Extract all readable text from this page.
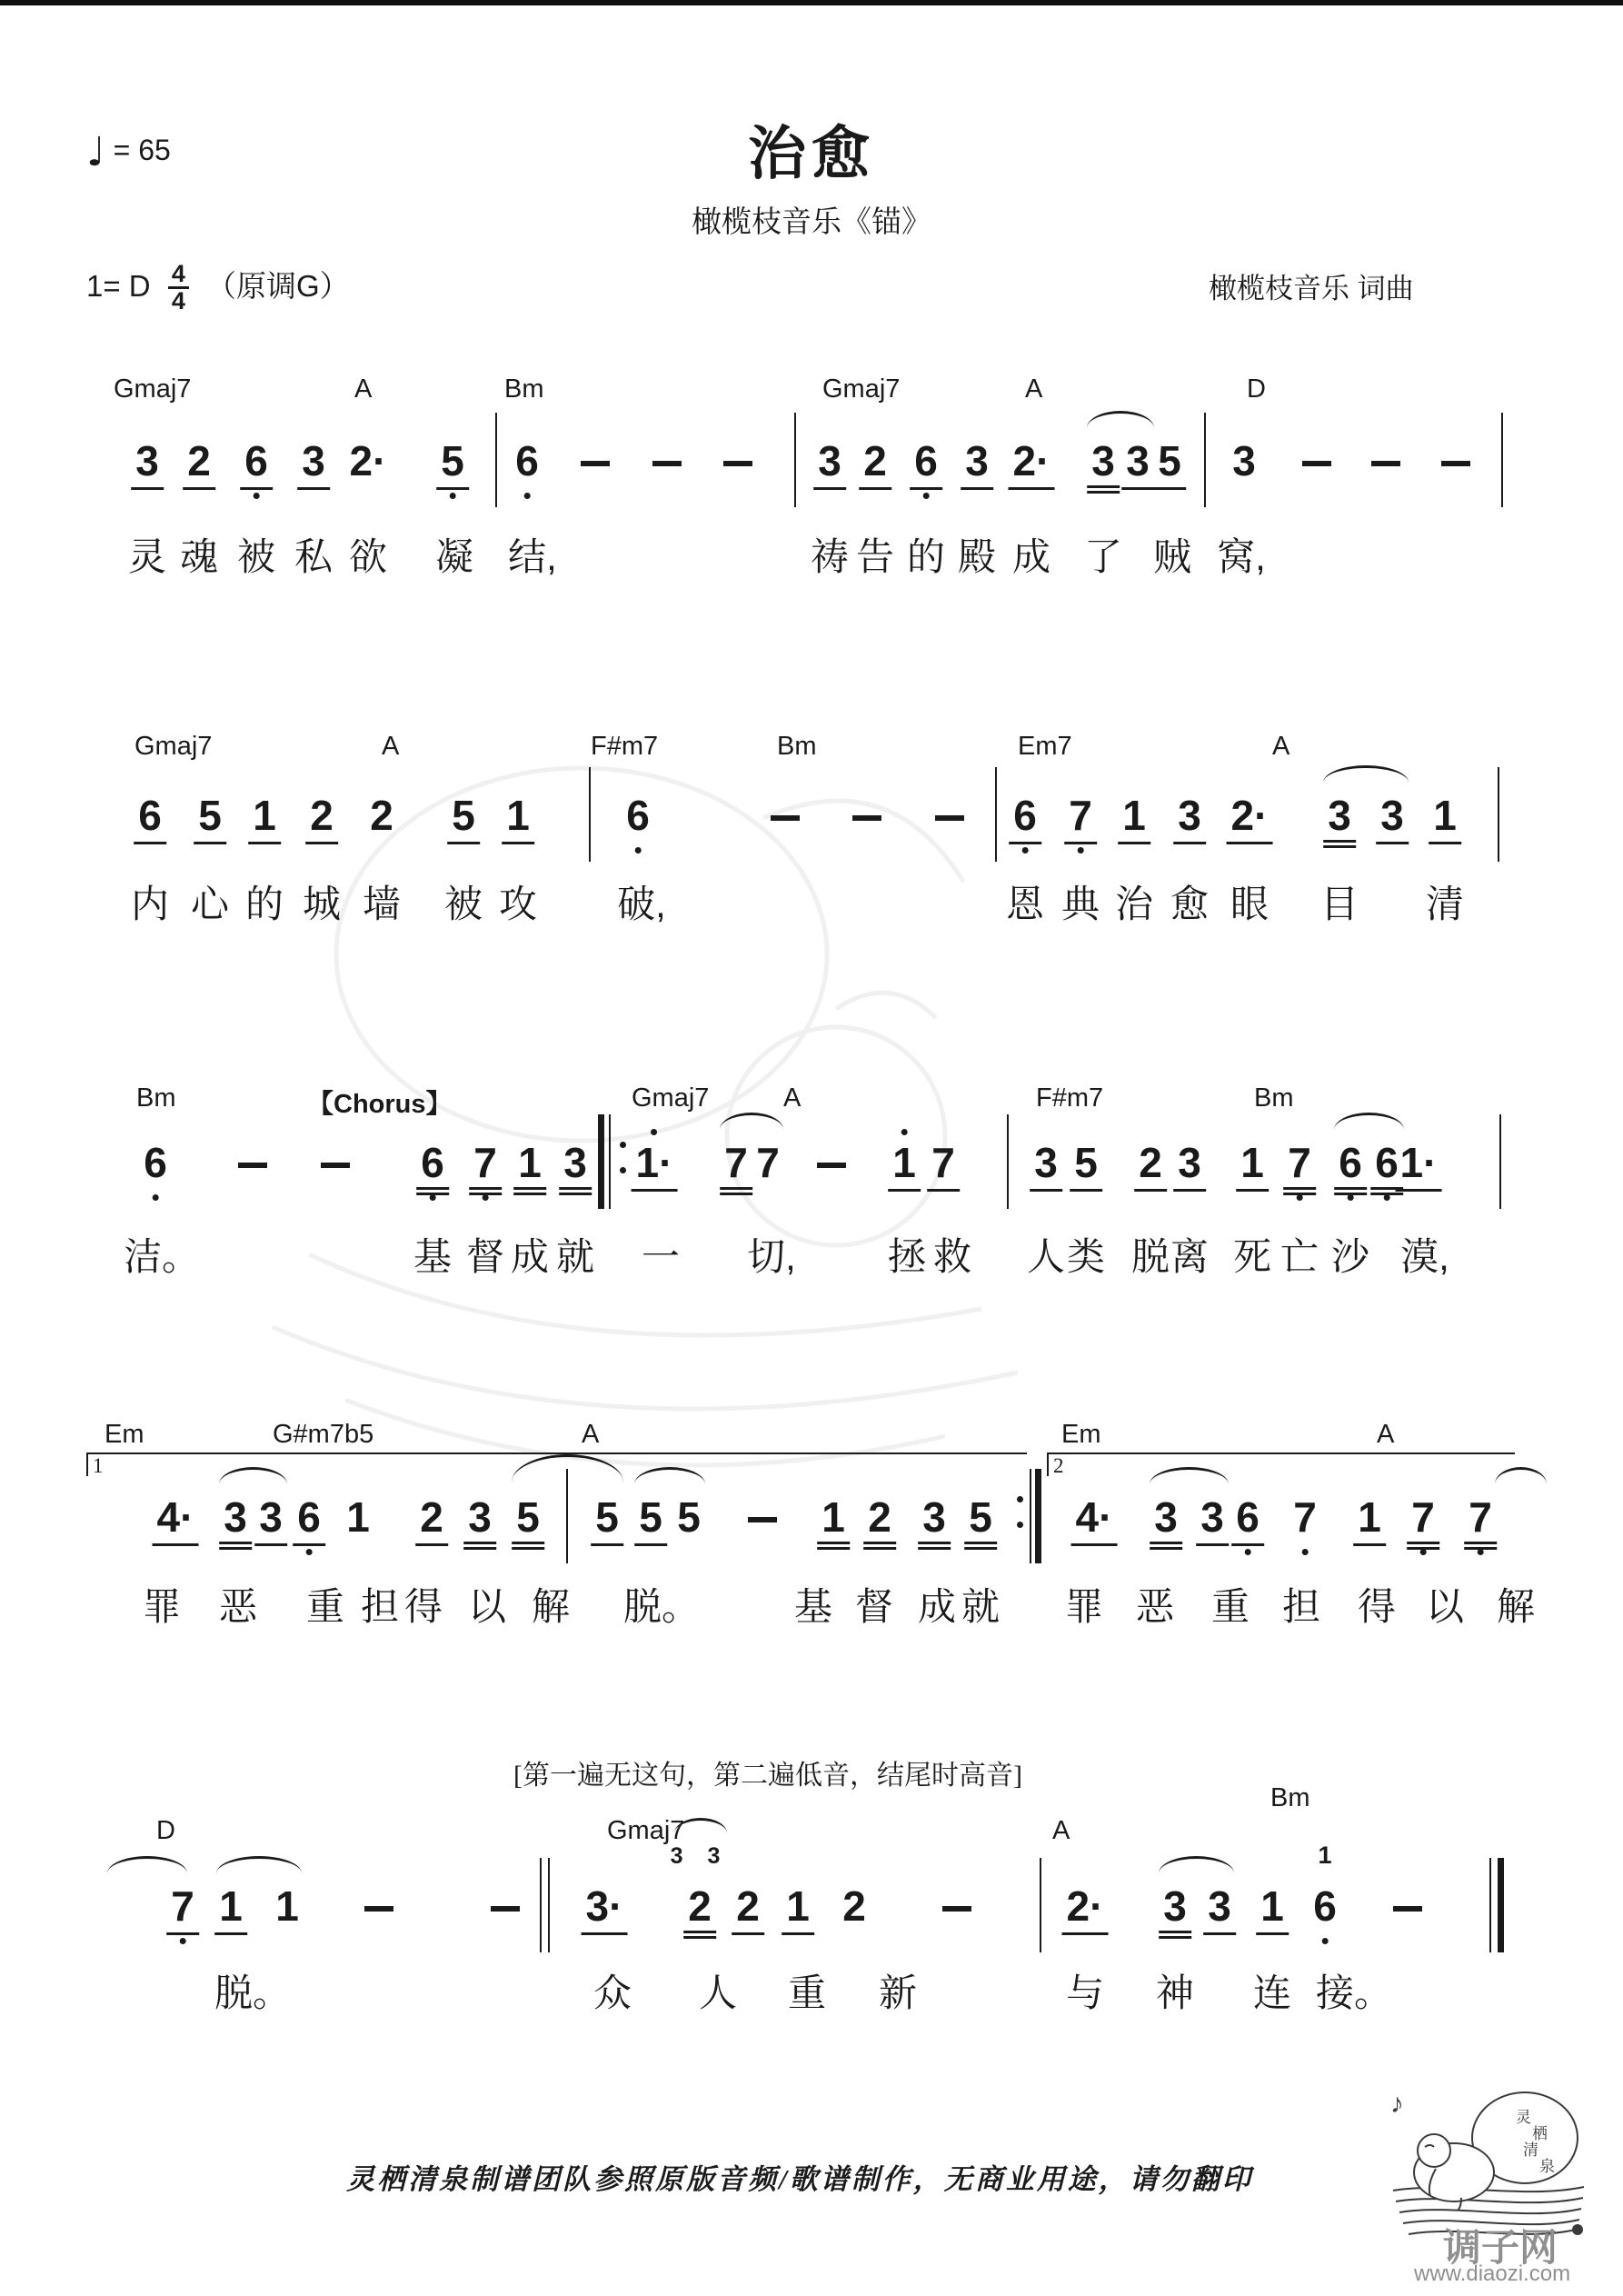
♩ = 65	治愈
橄榄枝音乐《锚》
1= D $\frac{4}{4}$ （原调G）	橄榄枝音乐 词曲
Gmaj7	A	Bm	Gmaj7	A	D
3 2 6 3 2· 5 6	3 2 6 3 2· 3 3 5 3
灵 魂 被 私 欲 凝 结,	祷 告 的 殿 成 了 贼 窝,
Gmaj7	A	F#m7	Bm	Em7	A
6 5 1 2 2 5 1 6	6 7 1 3 2· 3 3 1
内 心 的 城 墙 被 攻 破,	恩 典 治 愈 眼 目 清
Bm	【Chorus】	Gmaj7	A	F#m7	Bm
6	6 7 1 3 1· 7 7	1 7 3 5 2 3 1 7 6 6 1·
洁。	基 督 成 就 一 切, 拯 救 人 类 脱 离 死 亡 沙 漠,
1	2
Em	G#m7b5	A	Em	A
4· 3 3 6 1 2 3 5 5 5 5	1 2 3 5 4· 3 3 6 7 1 7 7
罪 恶 重 担 得 以 解 脱。 基 督 成 就 罪 恶 重 担 得 以 解
[第一遍无这句，第二遍低音，结尾时高音]
D	Gmaj7	A
Bm
7 1 1	3· 2
3 3
2 1 2	2· 3 3 1 6
1
脱。	众 人 重 新	与 神 连 接。
灵栖清泉制谱团队参照原版音频/歌谱制作，无商业用途，请勿翻印
灵
栖
清
泉
♪
调子网
www.diaozi.com
